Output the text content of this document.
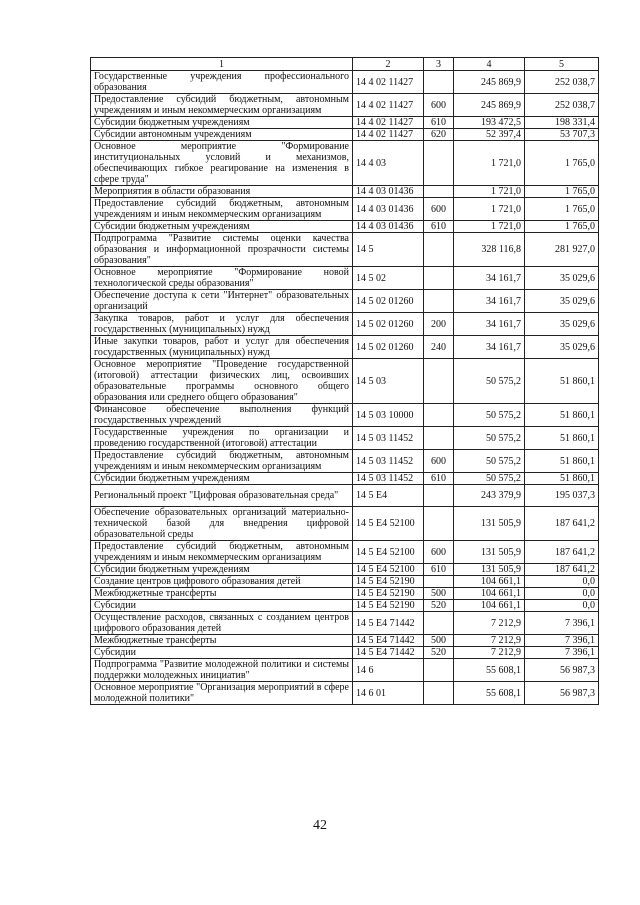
1	2	3	4	5
Государственные учреждения профессионального образования	14 4 02 11427		245 869,9	252 038,7
Предоставление субсидий бюджетным, автономным учреждениям и иным некоммерческим организациям	14 4 02 11427	600	245 869,9	252 038,7
Субсидии бюджетным учреждениям	14 4 02 11427	610	193 472,5	198 331,4
Субсидии автономным учреждениям	14 4 02 11427	620	52 397,4	53 707,3
Основное мероприятие "Формирование институциональных условий и механизмов, обеспечивающих гибкое реагирование на изменения в сфере труда"	14 4 03		1 721,0	1 765,0
Мероприятия в области образования	14 4 03 01436		1 721,0	1 765,0
Предоставление субсидий бюджетным, автономным учреждениям и иным некоммерческим организациям	14 4 03 01436	600	1 721,0	1 765,0
Субсидии бюджетным учреждениям	14 4 03 01436	610	1 721,0	1 765,0
Подпрограмма "Развитие системы оценки качества образования и информационной прозрачности системы образования"	14 5		328 116,8	281 927,0
Основное мероприятие "Формирование новой технологической среды образования"	14 5 02		34 161,7	35 029,6
Обеспечение доступа к сети "Интернет" образовательных организаций	14 5 02 01260		34 161,7	35 029,6
Закупка товаров, работ и услуг для обеспечения государственных (муниципальных) нужд	14 5 02 01260	200	34 161,7	35 029,6
Иные закупки товаров, работ и услуг для обеспечения государственных (муниципальных) нужд	14 5 02 01260	240	34 161,7	35 029,6
Основное мероприятие "Проведение государственной (итоговой) аттестации физических лиц, освоивших образовательные программы основного общего образования или среднего общего образования"	14 5 03		50 575,2	51 860,1
Финансовое обеспечение выполнения функций государственных учреждений	14 5 03 10000		50 575,2	51 860,1
Государственные учреждения по организации и проведению государственной (итоговой) аттестации	14 5 03 11452		50 575,2	51 860,1
Предоставление субсидий бюджетным, автономным учреждениям и иным некоммерческим организациям	14 5 03 11452	600	50 575,2	51 860,1
Субсидии бюджетным учреждениям	14 5 03 11452	610	50 575,2	51 860,1
Региональный проект "Цифровая образовательная среда"	14 5 E4		243 379,9	195 037,3
Обеспечение образовательных организаций материально-технической базой для внедрения цифровой образовательной среды	14 5 E4 52100		131 505,9	187 641,2
Предоставление субсидий бюджетным, автономным учреждениям и иным некоммерческим организациям	14 5 E4 52100	600	131 505,9	187 641,2
Субсидии бюджетным учреждениям	14 5 E4 52100	610	131 505,9	187 641,2
Создание центров цифрового образования детей	14 5 E4 52190		104 661,1	0,0
Межбюджетные трансферты	14 5 E4 52190	500	104 661,1	0,0
Субсидии	14 5 E4 52190	520	104 661,1	0,0
Осуществление расходов, связанных с созданием центров цифрового образования детей	14 5 E4 71442		7 212,9	7 396,1
Межбюджетные трансферты	14 5 E4 71442	500	7 212,9	7 396,1
Субсидии	14 5 E4 71442	520	7 212,9	7 396,1
Подпрограмма "Развитие молодежной политики и системы поддержки молодежных инициатив"	14 6		55 608,1	56 987,3
Основное мероприятие "Организация мероприятий в сфере молодежной политики"	14 6 01		55 608,1	56 987,3
42
